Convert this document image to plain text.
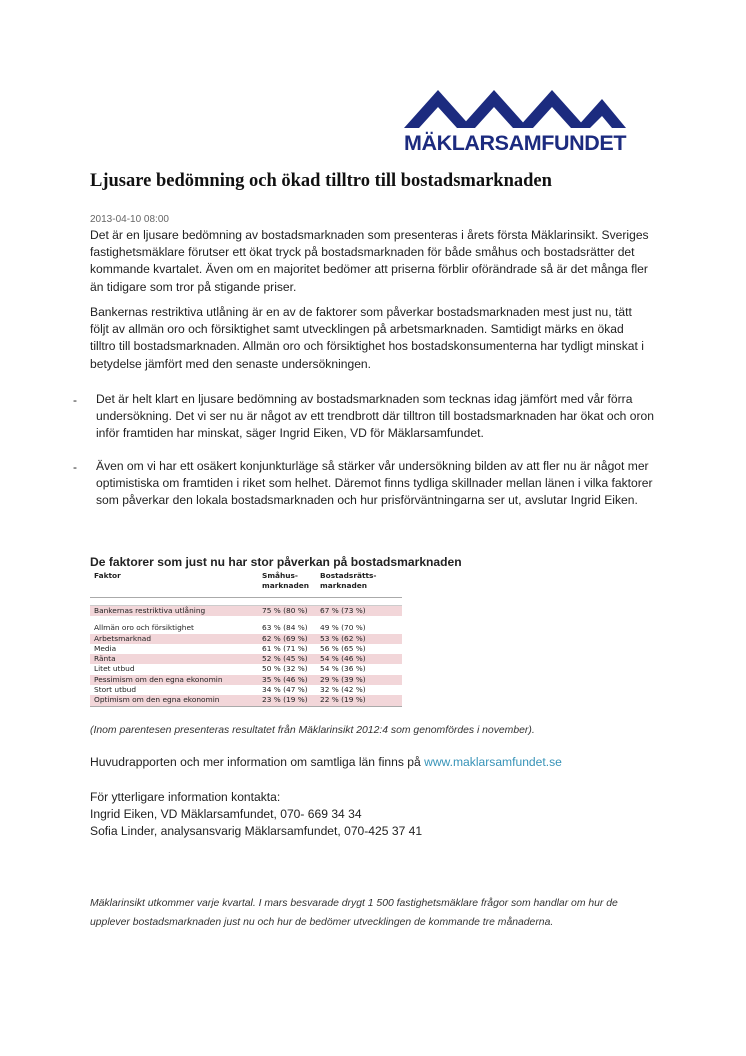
MÄKLARSAMFUNDET
Ljusare bedömning och ökad tilltro till bostadsmarknaden
2013-04-10 08:00

Det är en ljusare bedömning av bostadsmarknaden som presenteras i årets första Mäklarinsikt. Sveriges fastighetsmäklare förutser ett ökat tryck på bostadsmarknaden för både småhus och bostadsrätter det kommande kvartalet. Även om en majoritet bedömer att priserna förblir oförändrade så är det många fler än tidigare som tror på stigande priser.

Bankernas restriktiva utlåning är en av de faktorer som påverkar bostadsmarknaden mest just nu, tätt följt av allmän oro och försiktighet samt utvecklingen på arbetsmarknaden. Samtidigt märks en ökad tilltro till bostadsmarknaden. Allmän oro och försiktighet hos bostadskonsumenterna har tydligt minskat i betydelse jämfört med den senaste undersökningen.

- Det är helt klart en ljusare bedömning av bostadsmarknaden som tecknas idag jämfört med vår förra undersökning. Det vi ser nu är något av ett trendbrott där tilltron till bostadsmarknaden har ökat och oron inför framtiden har minskat, säger Ingrid Eiken, VD för Mäklarsamfundet.

- Även om vi har ett osäkert konjunkturläge så stärker vår undersökning bilden av att fler nu är något mer optimistiska om framtiden i riket som helhet. Däremot finns tydliga skillnader mellan länen i vilka faktorer som påverkar den lokala bostadsmarknaden och hur prisförväntningarna ser ut, avslutar Ingrid Eiken.

De faktorer som just nu har stor påverkan på bostadsmarknaden

Faktor	Småhus-marknaden	Bostadsrätts-marknaden

Bankernas restriktiva utlåning	75 % (80 %)	67 % (73 %)

Allmän oro och försiktighet	63 % (84 %)	49 % (70 %)
Arbetsmarknad	62 % (69 %)	53 % (62 %)
Media	61 % (71 %)	56 % (65 %)
Ränta	52 % (45 %)	54 % (46 %)
Litet utbud	50 % (32 %)	54 % (36 %)
Pessimism om den egna ekonomin	35 % (46 %)	29 % (39 %)
Stort utbud	34 % (47 %)	32 % (42 %)
Optimism om den egna ekonomin	23 % (19 %)	22 % (19 %)

(Inom parentesen presenteras resultatet från Mäklarinsikt 2012:4 som genomfördes i november).

Huvudrapporten och mer information om samtliga län finns på www.maklarsamfundet.se

För ytterligare information kontakta:

Ingrid Eiken, VD Mäklarsamfundet, 070- 669 34 34

Sofia Linder, analysansvarig Mäklarsamfundet, 070-425 37 41

Mäklarinsikt utkommer varje kvartal. I mars besvarade drygt 1 500 fastighetsmäklare frågor som handlar om hur de upplever bostadsmarknaden just nu och hur de bedömer utvecklingen de kommande tre månaderna.
